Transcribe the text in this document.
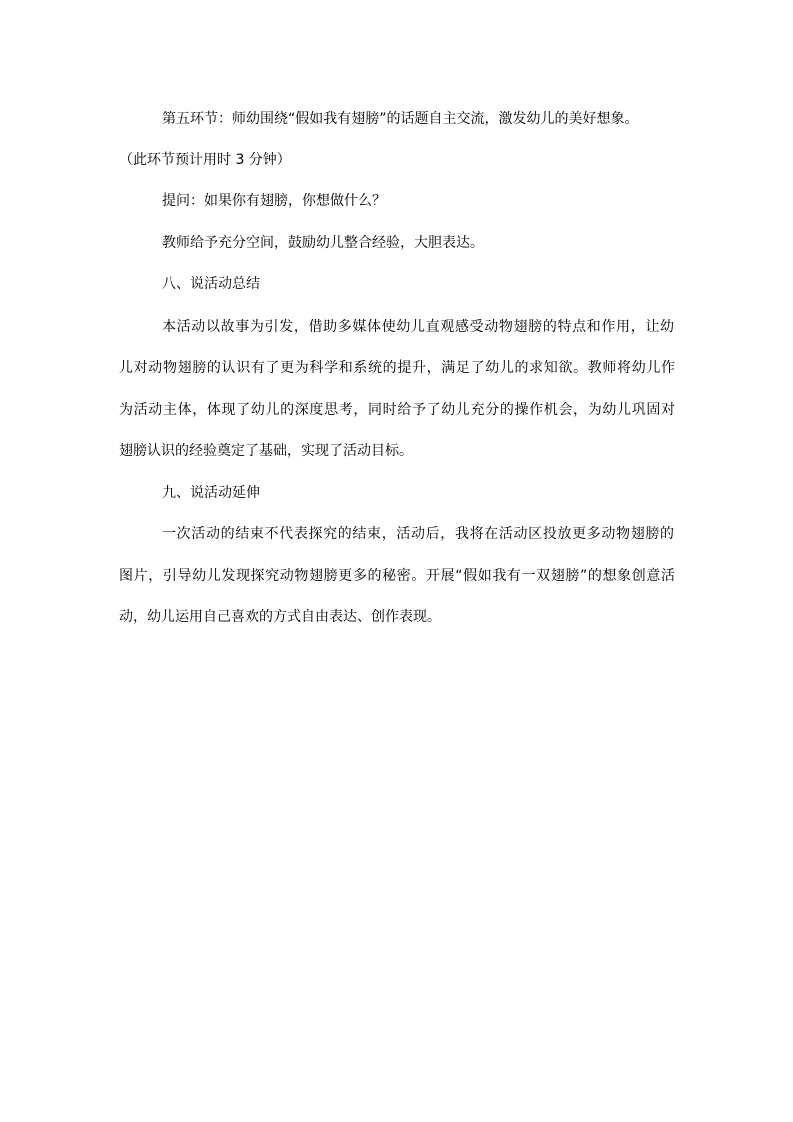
第五环节：师幼围绕“假如我有翅膀”的话题自主交流，激发幼儿的美好想象。
（此环节预计用时 3 分钟）
提问：如果你有翅膀，你想做什么？
教师给予充分空间，鼓励幼儿整合经验，大胆表达。
八、说活动总结
本活动以故事为引发，借助多媒体使幼儿直观感受动物翅膀的特点和作用，让幼
儿对动物翅膀的认识有了更为科学和系统的提升，满足了幼儿的求知欲。教师将幼儿作
为活动主体，体现了幼儿的深度思考，同时给予了幼儿充分的操作机会，为幼儿巩固对
翅膀认识的经验奠定了基础，实现了活动目标。
九、说活动延伸
一次活动的结束不代表探究的结束，活动后，我将在活动区投放更多动物翅膀的
图片，引导幼儿发现探究动物翅膀更多的秘密。开展“假如我有一双翅膀”的想象创意活
动，幼儿运用自己喜欢的方式自由表达、创作表现。
